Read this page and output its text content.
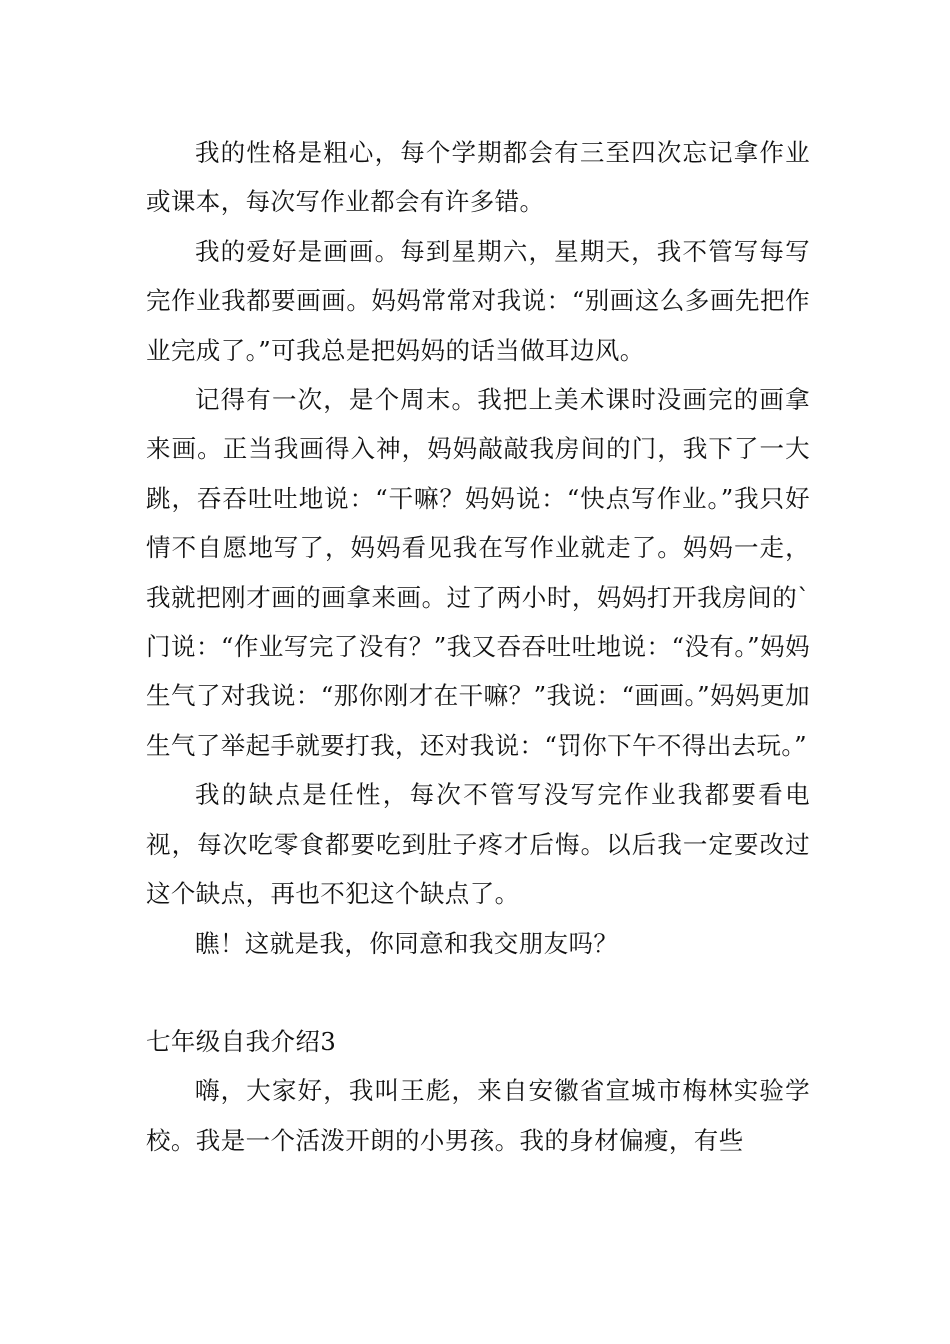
我的性格是粗心，每个学期都会有三至四次忘记拿作业或课本，每次写作业都会有许多错。

我的爱好是画画。每到星期六，星期天，我不管写每写完作业我都要画画。妈妈常常对我说：“别画这么多画先把作业完成了。”可我总是把妈妈的话当做耳边风。

记得有一次，是个周末。我把上美术课时没画完的画拿来画。正当我画得入神，妈妈敲敲我房间的门，我下了一大跳，吞吞吐吐地说：“干嘛？妈妈说：“快点写作业。”我只好情不自愿地写了，妈妈看见我在写作业就走了。妈妈一走，我就把刚才画的画拿来画。过了两小时，妈妈打开我房间的`门说：“作业写完了没有？”我又吞吞吐吐地说：“没有。”妈妈生气了对我说：“那你刚才在干嘛？”我说：“画画。”妈妈更加生气了举起手就要打我，还对我说：“罚你下午不得出去玩。”

我的缺点是任性，每次不管写没写完作业我都要看电视，每次吃零食都要吃到肚子疼才后悔。以后我一定要改过这个缺点，再也不犯这个缺点了。

瞧！这就是我，你同意和我交朋友吗？

七年级自我介绍3

嗨，大家好，我叫王彪，来自安徽省宣城市梅林实验学校。我是一个活泼开朗的小男孩。我的身材偏瘦，有些
